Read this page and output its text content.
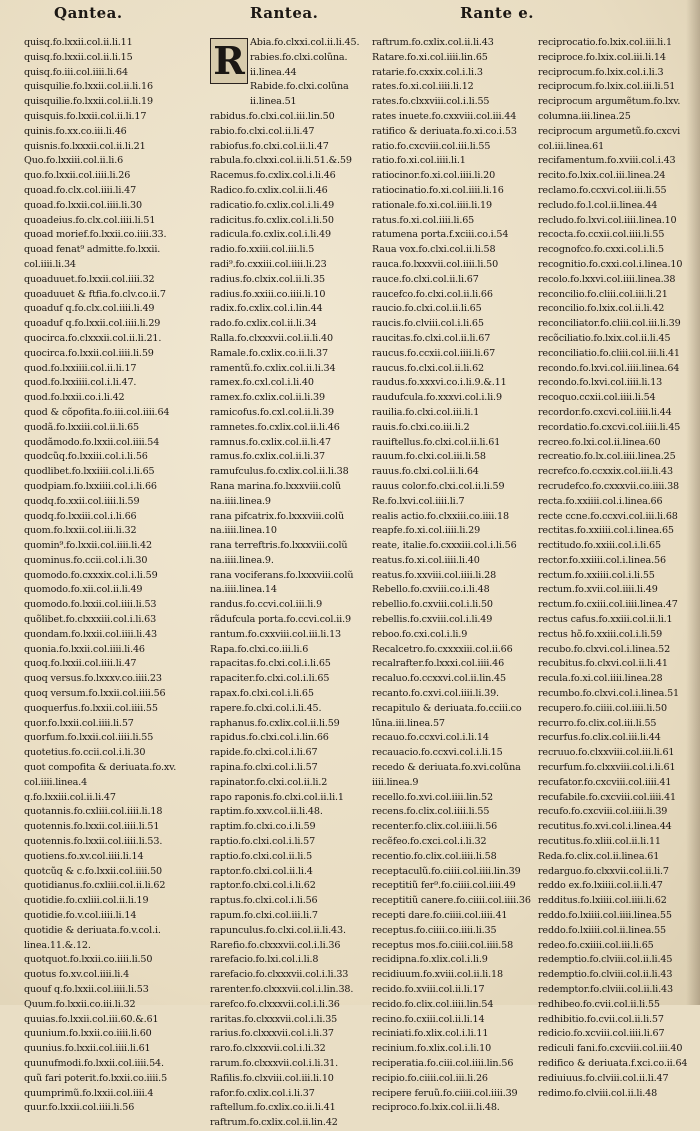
Qantea.
quisq.fo.lxxii.col.ii.li.11
quisq.fo.lxxii.col.ii.li.15
quisq.fo.iii.col.iiii.li.64
quisquilie.fo.lxxii.col.ii.li.16
quisquilie.fo.lxxii.col.ii.li.19
quisquis.fo.lxxii.col.ii.li.17
quinis.fo.xx.co.iii.li.46
quisnis.fo.lxxxii.col.ii.li.21
Quo.fo.lxxiii.col.ii.li.6
quo.fo.lxxii.col.iiii.li.26
quoad.fo.clx.col.iiii.li.47
quoad.fo.lxxii.col.iiii.li.30
quoadeius.fo.clx.col.iiii.li.51
quoad morief.fo.lxxii.co.iiii.33.
quoad fenat⁹ admitte.fo.lxxii.
col.iiii.li.34
quoaduuet.fo.lxxii.col.iiii.32
quoaduuet & ftfia.fo.clv.co.ii.7
quoaduf q.fo.clx.col.iiii.li.49
quoaduf q.fo.lxxii.col.iiii.li.29
quocirca.fo.clxxxii.col.ii.li.21.
quocirca.fo.lxxii.col.iiii.li.59
quod.fo.lxxiiii.col.ii.li.17
quod.fo.lxxiiii.col.i.li.47.
quod.fo.lxxii.co.i.li.42
quod & cõpofita.fo.iii.col.iiii.64
quodã.fo.lxxiii.col.ii.li.65
quodãmodo.fo.lxxii.col.iiii.54
quodcũq.fo.lxxiii.col.i.li.56
quodlibet.fo.lxxiiii.col.i.li.65
quodpiam.fo.lxxiiii.col.i.li.66
quodq.fo.xxii.col.iiii.li.59
quodq.fo.lxxiii.col.i.li.66
quom.fo.lxxii.col.iii.li.32
quomin⁹.fo.lxxii.col.iiii.li.42
quominus.fo.ccii.col.i.li.30
quomodo.fo.cxxxix.col.i.li.59
quomodo.fo.xii.col.ii.li.49
quomodo.fo.lxxii.col.iiii.li.53
quõlibet.fo.clxxxiii.col.i.li.63
quondam.fo.lxxii.col.iiii.li.43
quonia.fo.lxxii.col.iiii.li.46
quoq.fo.lxxii.col.iiii.li.47
quoq versus.fo.lxxxv.co.iiii.23
quoq versum.fo.lxxii.col.iiii.56
quoquerfus.fo.lxxii.col.iiii.55
quor.fo.lxxii.col.iiii.li.57
quorfum.fo.lxxii.col.iiii.li.55
quotetius.fo.ccii.col.i.li.30
quot compofita & deriuata.fo.xv.
col.iiii.linea.4
q.fo.lxxiii.col.ii.li.47
quotannis.fo.cxliii.col.iiii.li.18
quotennis.fo.lxxii.col.iiii.li.51
quotennis.fo.lxxii.col.iiii.li.53.
quotiens.fo.xv.col.iiii.li.14
quotcũq & c.fo.lxxii.col.iiii.50
quotidianus.fo.cxliii.col.ii.li.62
quotidie.fo.cxliii.col.ii.li.19
quotidie.fo.v.col.iiii.li.14
quotidie & deriuata.fo.v.col.i.
linea.11.&.12.
quotquot.fo.lxxii.co.iiii.li.50
quotus fo.xv.col.iiii.li.4
quouf q.fo.lxxii.col.iiii.li.53
Quum.fo.lxxii.co.iii.li.32
quuias.fo.lxxii.col.iii.60.&.61
quunium.fo.lxxii.co.iiii.li.60
quunius.fo.lxxii.col.iiii.li.61
quunufmodi.fo.lxxii.col.iiii.54.
quũ fari poterit.fo.lxxii.co.iiii.5
quumprimũ.fo.lxxii.col.iiii.4
quur.fo.lxxii.col.iiii.li.56
Rantea.
R Abia.fo.clxxi.col.ii.li.45.
rabies.fo.clxi.colũna.
ii.linea.44
Rabide.fo.clxi.colũna
ii.linea.51
rabidus.fo.clxi.col.iii.lin.50
rabio.fo.clxi.col.ii.li.47
rabiofus.fo.clxi.col.ii.li.47
rabula.fo.clxxi.col.ii.li.51.&.59
Racemus.fo.cxlix.col.i.li.46
Radico.fo.cxlix.col.ii.li.46
radicatio.fo.cxlix.col.i.li.49
radicitus.fo.cxlix.col.i.li.50
radicula.fo.cxlix.col.i.li.49
radio.fo.xxiii.col.iii.li.5
radi⁹.fo.cxxiii.col.iiii.li.23
radius.fo.clxix.col.ii.li.35
radius.fo.xxiii.co.iiii.li.10
radix.fo.cxlix.col.i.lin.44
rado.fo.cxlix.col.ii.li.34
Ralla.fo.clxxxvii.col.ii.li.40
Ramale.fo.cxlix.co.ii.li.37
ramentũ.fo.cxlix.col.ii.li.34
ramex.fo.cxl.col.i.li.40
ramex.fo.cxlix.col.ii.li.39
ramicofus.fo.cxl.col.ii.li.39
ramnetes.fo.cxlix.col.ii.li.46
ramnus.fo.cxlix.col.ii.li.47
ramus.fo.cxlix.col.ii.li.37
ramufculus.fo.cxlix.col.ii.li.38
Rana marina.fo.lxxxviii.colũ
na.iiii.linea.9
rana pifcatrix.fo.lxxxviii.colũ
na.iiii.linea.10
rana terreftris.fo.lxxxviii.colũ
na.iiii.linea.9.
rana vociferans.fo.lxxxviii.colũ
na.iiii.linea.14
randus.fo.ccvi.col.iii.li.9
rãdufcula porta.fo.ccvi.col.ii.9
rantum.fo.cxxviii.col.iii.li.13
Rapa.fo.clxi.co.iii.li.6
rapacitas.fo.clxi.col.i.li.65
rapaciter.fo.clxi.col.i.li.65
rapax.fo.clxi.col.i.li.65
rapere.fo.clxi.col.i.li.45.
raphanus.fo.cxlix.col.ii.li.59
rapidus.fo.clxi.col.i.lin.66
rapide.fo.clxi.col.i.li.67
rapina.fo.clxi.col.i.li.57
rapinator.fo.clxi.col.ii.li.2
rapo raponis.fo.clxi.col.ii.li.1
raptim.fo.xxv.col.ii.li.48.
raptim.fo.clxi.co.i.li.59
raptio.fo.clxi.col.i.li.57
raptio.fo.clxi.col.ii.li.5
raptor.fo.clxi.col.ii.li.4
raptor.fo.clxi.col.i.li.62
raptus.fo.clxi.col.i.li.56
rapum.fo.clxi.col.iii.li.7
rapunculus.fo.clxi.col.ii.li.43.
Rarefio.fo.clxxxvii.col.i.li.36
rarefacio.fo.lxi.col.i.li.8
rarefacio.fo.clxxxvii.col.i.li.33
rarenter.fo.clxxxvii.col.i.lin.38.
rarefco.fo.clxxxvii.col.i.li.36
raritas.fo.clxxxvii.col.i.li.35
rarius.fo.clxxxvii.col.i.li.37
raro.fo.clxxxvii.col.i.li.32
rarum.fo.clxxxvii.col.i.li.31.
Rafilis.fo.clxviii.col.iii.li.10
rafor.fo.cxlix.col.i.li.37
raftellum.fo.cxlix.co.ii.li.41
raftrum.fo.cxlix.col.ii.lin.42
Rante e.
raftrum.fo.cxlix.col.ii.li.43
Ratare.fo.xi.col.iiii.lin.65
ratarie.fo.cxxix.col.i.li.3
rates.fo.xi.col.iiii.li.12
rates.fo.clxxviii.col.i.li.55
rates inuete.fo.cxxviii.col.iii.44
ratifico & deriuata.fo.xi.co.i.53
ratio.fo.cxcviii.col.iii.li.55
ratio.fo.xi.col.iiii.li.1
ratiocinor.fo.xi.col.iiii.li.20
ratiocinatio.fo.xi.col.iiii.li.16
rationale.fo.xi.col.iiii.li.19
ratus.fo.xi.col.iiii.li.65
ratumena porta.f.xciii.co.i.54
Raua vox.fo.clxi.col.ii.li.58
rauca.fo.lxxxvii.col.iiii.li.50
rauce.fo.clxi.col.ii.li.67
raucefco.fo.clxi.col.ii.li.66
raucio.fo.clxi.col.ii.li.65
raucis.fo.clviii.col.i.li.65
raucitas.fo.clxi.col.ii.li.67
raucus.fo.ccxii.col.iiii.li.67
raucus.fo.clxi.col.ii.li.62
raudus.fo.xxxvi.co.i.li.9.&.11
raudufcula.fo.xxxvi.col.i.li.9
rauilia.fo.clxi.col.iii.li.1
rauis.fo.clxi.co.iii.li.2
rauiftellus.fo.clxi.col.ii.li.61
rauum.fo.clxi.col.iii.li.58
rauus.fo.clxi.col.ii.li.64
rauus color.fo.clxi.col.ii.li.59
Re.fo.lxvi.col.iiii.li.7
realis actio.fo.clxxiii.co.iiii.18
reapfe.fo.xi.col.iiii.li.29
reate, italie.fo.cxxxiii.col.i.li.56
reatus.fo.xi.col.iiii.li.40
reatus.fo.xxviii.col.iiii.li.28
Rebello.fo.cxviii.co.i.li.48
rebellio.fo.cxviii.col.i.li.50
rebellis.fo.cxviii.col.i.li.49
reboo.fo.cxi.col.i.li.9
Recalcetro.fo.cxxxxiii.col.ii.66
recalrafter.fo.lxxxi.col.iiii.46
recaluo.fo.ccxxvi.col.ii.lin.45
recanto.fo.cxvi.col.iiii.li.39.
recapitulo & deriuata.fo.cciii.co
lũna.iii.linea.57
recauo.fo.ccxvi.col.i.li.14
recauacio.fo.ccxvi.col.i.li.15
recedo & deriuata.fo.xvi.colũna
iiii.linea.9
recello.fo.xvi.col.iiii.lin.52
recens.fo.clix.col.iiii.li.55
recenter.fo.clix.col.iiii.li.56
recẽfeo.fo.cxci.col.i.li.32
recentio.fo.clix.col.iiii.li.58
receptaculũ.fo.ciiii.col.iiii.lin.39
receptitiũ fer⁹.fo.ciiii.col.iiii.49
receptitiũ canere.fo.ciiii.col.iiii.36
recepti dare.fo.ciiii.col.iiii.41
receptus.fo.ciiii.co.iiii.li.35
receptus mos.fo.ciiii.col.iiii.58
recidipna.fo.xlix.col.i.li.9
recidiuum.fo.xviii.col.ii.li.18
recido.fo.xviii.col.ii.li.17
recido.fo.clix.col.iiii.lin.54
recino.fo.cxiii.col.ii.li.14
reciniati.fo.xlix.col.i.li.11
recinium.fo.xlix.col.i.li.10
reciperatia.fo.ciii.col.iiii.lin.56
recipio.fo.ciiii.col.iii.li.26
recipere feruũ.fo.ciiii.col.iiii.39
reciproco.fo.lxix.col.ii.li.48.
reciprocatio.fo.lxix.col.iii.li.1
reciproce.fo.lxix.col.iii.li.14
reciprocum.fo.lxix.col.i.li.3
reciprocum.fo.lxix.col.iii.li.51
reciprocum argumẽtum.fo.lxv.
columna.iii.linea.25
reciprocum argumetũ.fo.cxcvi
col.iii.linea.61
recifamentum.fo.xviii.col.i.43
recito.fo.lxix.col.iii.linea.24
reclamo.fo.ccxvi.col.iii.li.55
recludo.fo.l.col.ii.linea.44
recludo.fo.lxvi.col.iiii.linea.10
recocta.fo.ccxii.col.iiii.li.55
recognofco.fo.cxxi.col.i.li.5
recognitio.fo.cxxi.col.i.linea.10
recolo.fo.lxxvi.col.iiii.linea.38
reconcilio.fo.cliii.col.iii.li.21
reconcilio.fo.lxix.col.ii.li.42
reconciliator.fo.cliii.col.iii.li.39
recõciliatio.fo.lxix.col.ii.li.45
reconciliatio.fo.cliii.col.iii.li.41
recondo.fo.lxvi.col.iiii.linea.64
recondo.fo.lxvi.col.iiii.li.13
recoquo.ccxii.col.iiii.li.54
recordor.fo.cxcvi.col.iiii.li.44
recordatio.fo.cxcvi.col.iiii.li.45
recreo.fo.lxi.col.ii.linea.60
recreatio.fo.lx.col.iiii.linea.25
recrefco.fo.ccxxix.col.iii.li.43
recrudefco.fo.cxxxvii.co.iiii.38
recta.fo.xxiiii.col.i.linea.66
recte ccne.fo.ccxvi.col.iii.li.68
rectitas.fo.xxiiii.col.i.linea.65
rectitudo.fo.xxiii.col.i.li.65
rector.fo.xxiiii.col.i.linea.56
rectum.fo.xxiiii.col.i.li.55
rectum.fo.xvii.col.iiii.li.49
rectum.fo.cxiii.col.iiii.linea.47
rectus cafus.fo.xxiii.col.ii.li.1
rectus hõ.fo.xxiii.col.i.li.59
recubo.fo.clxvi.col.i.linea.52
recubitus.fo.clxvi.col.ii.li.41
recula.fo.xi.col.iiii.linea.28
recumbo.fo.clxvi.col.i.linea.51
recupero.fo.ciiii.col.iiii.li.50
recurro.fo.clix.col.iii.li.55
recurfus.fo.clix.col.iii.li.44
recruuo.fo.clxxviii.col.iii.li.61
recurfum.fo.clxxviii.col.i.li.61
recufator.fo.cxcviii.col.iiii.41
recufabile.fo.cxcviii.col.iiii.41
recufo.fo.cxcviii.col.iiii.li.39
recutitus.fo.xvi.col.i.linea.44
recutitus.fo.xliii.col.ii.li.11
Reda.fo.clix.col.ii.linea.61
redarguo.fo.clxxvii.col.ii.li.7
reddo ex.fo.lxiiii.col.ii.li.47
redditus.fo.lxiiii.col.iiii.li.62
reddo.fo.lxiiii.col.iiii.linea.55
reddo.fo.lxiiii.col.ii.linea.55
redeo.fo.cxiiii.col.iii.li.65
redemptio.fo.clviii.col.ii.li.45
redemptio.fo.clviii.col.ii.li.43
redemptor.fo.clviii.col.ii.li.43
redhibeo.fo.cvii.col.ii.li.55
redhibitio.fo.cvii.col.ii.li.57
redicio.fo.xcviii.col.iiii.li.67
rediculi fani.fo.cxcviii.col.iii.40
redifico & deriuata.f.xci.co.ii.64
rediuiuus.fo.clviii.col.ii.li.47
redimo.fo.clviii.col.ii.li.48
